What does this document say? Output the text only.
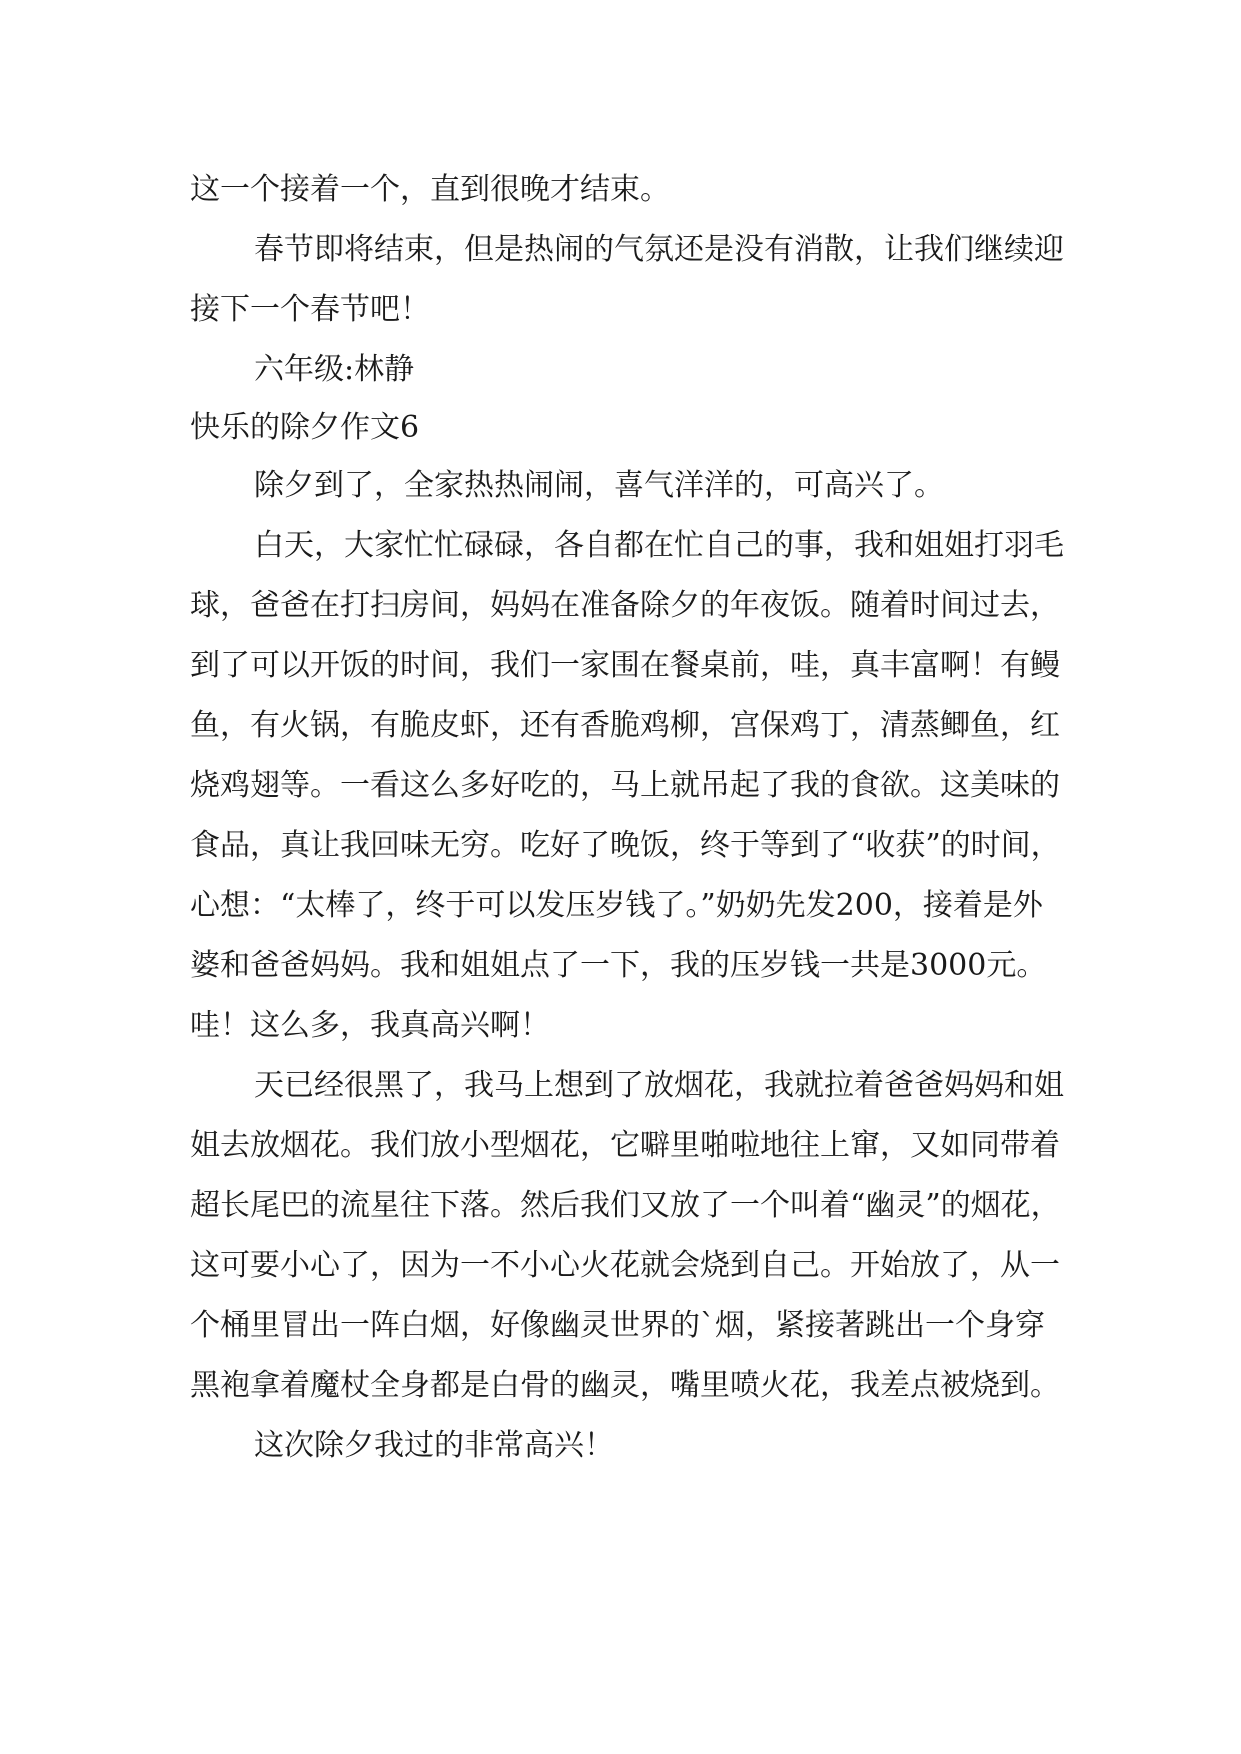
这一个接着一个，直到很晚才结束。

春节即将结束，但是热闹的气氛还是没有消散，让我们继续迎接下一个春节吧！

六年级:林静

快乐的除夕作文6

除夕到了，全家热热闹闹，喜气洋洋的，可高兴了。

白天，大家忙忙碌碌，各自都在忙自己的事，我和姐姐打羽毛球，爸爸在打扫房间，妈妈在准备除夕的年夜饭。随着时间过去，到了可以开饭的时间，我们一家围在餐桌前，哇，真丰富啊！有鳗鱼，有火锅，有脆皮虾，还有香脆鸡柳，宫保鸡丁，清蒸鲫鱼，红烧鸡翅等。一看这么多好吃的，马上就吊起了我的食欲。这美味的食品，真让我回味无穷。吃好了晚饭，终于等到了“收获”的时间，心想：“太棒了，终于可以发压岁钱了。”奶奶先发200，接着是外婆和爸爸妈妈。我和姐姐点了一下，我的压岁钱一共是3000元。哇！这么多，我真高兴啊！

天已经很黑了，我马上想到了放烟花，我就拉着爸爸妈妈和姐姐去放烟花。我们放小型烟花，它噼里啪啦地往上窜，又如同带着超长尾巴的流星往下落。然后我们又放了一个叫着“幽灵”的烟花，这可要小心了，因为一不小心火花就会烧到自己。开始放了，从一个桶里冒出一阵白烟，好像幽灵世界的`烟，紧接著跳出一个身穿黑袍拿着魔杖全身都是白骨的幽灵，嘴里喷火花，我差点被烧到。

这次除夕我过的非常高兴！
